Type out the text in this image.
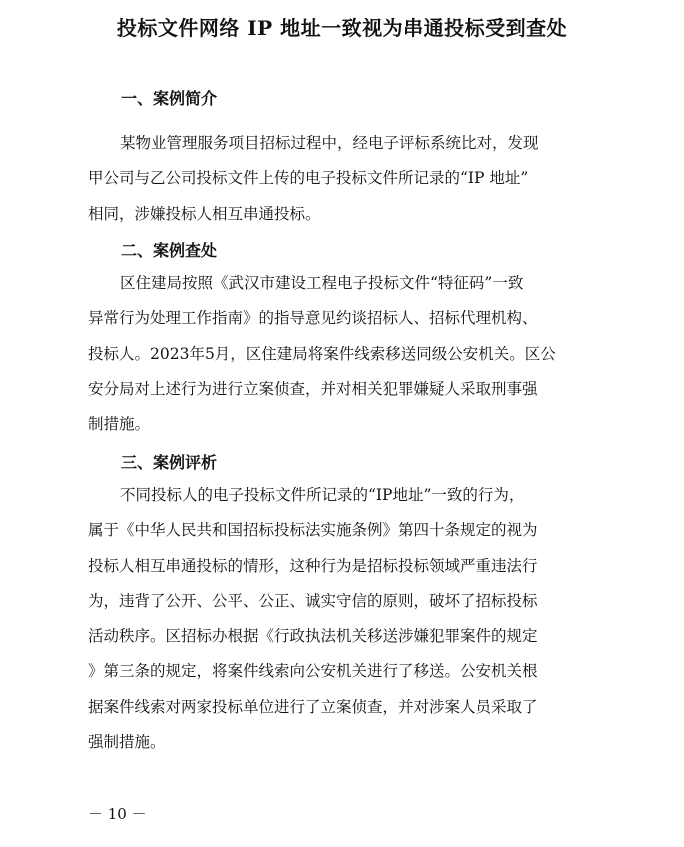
投标文件网络 IP 地址一致视为串通投标受到查处
一、案例简介
某物业管理服务项目招标过程中，经电子评标系统比对，发现
甲公司与乙公司投标文件上传的电子投标文件所记录的“IP 地址”
相同，涉嫌投标人相互串通投标。
二、案例查处
区住建局按照《武汉市建设工程电子投标文件“特征码”一致
异常行为处理工作指南》的指导意见约谈招标人、招标代理机构、
投标人。2023年5月，区住建局将案件线索移送同级公安机关。区公
安分局对上述行为进行立案侦查，并对相关犯罪嫌疑人采取刑事强
制措施。
三、案例评析
不同投标人的电子投标文件所记录的“IP地址”一致的行为，
属于《中华人民共和国招标投标法实施条例》第四十条规定的视为
投标人相互串通投标的情形，这种行为是招标投标领域严重违法行
为，违背了公开、公平、公正、诚实守信的原则，破坏了招标投标
活动秩序。区招标办根据《行政执法机关移送涉嫌犯罪案件的规定
》第三条的规定，将案件线索向公安机关进行了移送。公安机关根
据案件线索对两家投标单位进行了立案侦查，并对涉案人员采取了
强制措施。
－ 10 －
